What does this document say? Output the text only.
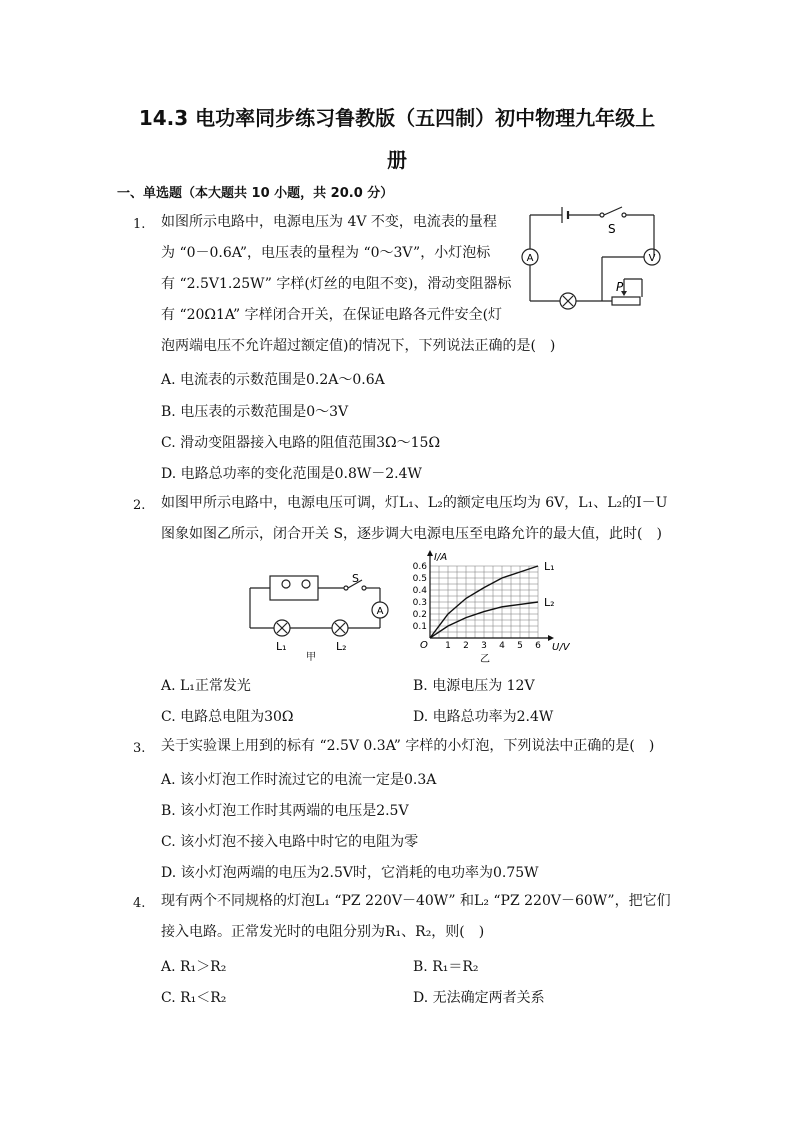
14.3 电功率同步练习鲁教版（五四制）初中物理九年级上
册
一、单选题（本大题共 10 小题，共 20.0 分）
1. 如图所示电路中，电源电压为 4V 不变，电流表的量程
为 “0－0.6A”，电压表的量程为 “0～3V”，小灯泡标
有 “2.5V1.25W” 字样(灯丝的电阻不变)，滑动变阻器标
有 “20Ω1A” 字样闭合开关，在保证电路各元件安全(灯
泡两端电压不允许超过额定值)的情况下，下列说法正确的是(　)
A. 电流表的示数范围是0.2A～0.6A
B. 电压表的示数范围是0～3V
C. 滑动变阻器接入电路的阻值范围3Ω～15Ω
D. 电路总功率的变化范围是0.8W－2.4W
A	V
S
P
2. 如图甲所示电路中，电源电压可调，灯L₁、L₂的额定电压均为 6V，L₁、L₂的I－U
图象如图乙所示，闭合开关 S，逐步调大电源电压至电路允许的最大值，此时(　)
A
S
L₁	L₂
甲
1 2 3 4 5 6
0.1
0.2
0.3
0.4
0.5
0.6
O	U/V
I/A
L₁
L₂
乙
A. L₁正常发光	B. 电源电压为 12V
C. 电路总电阻为30Ω	D. 电路总功率为2.4W
3. 关于实验课上用到的标有 “2.5V 0.3A” 字样的小灯泡，下列说法中正确的是(　)
A. 该小灯泡工作时流过它的电流一定是0.3A
B. 该小灯泡工作时其两端的电压是2.5V
C. 该小灯泡不接入电路中时它的电阻为零
D. 该小灯泡两端的电压为2.5V时，它消耗的电功率为0.75W
4. 现有两个不同规格的灯泡L₁ “PZ 220V－40W” 和L₂ “PZ 220V－60W”，把它们
接入电路。正常发光时的电阻分别为R₁、R₂，则(　)
A. R₁＞R₂	B. R₁＝R₂
C. R₁＜R₂	D. 无法确定两者关系
